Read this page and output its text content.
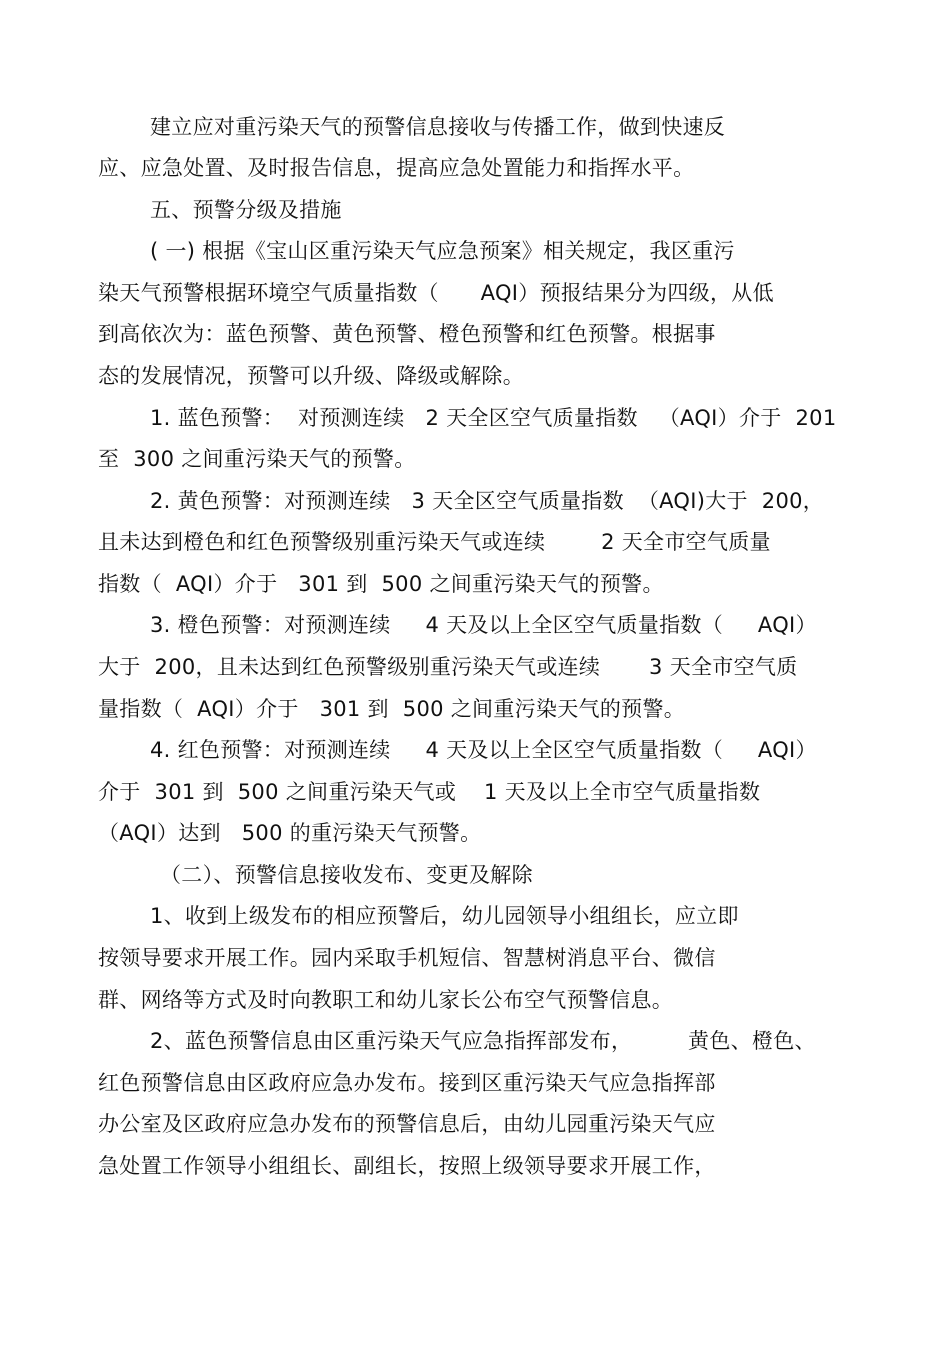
建立应对重污染天气的预警信息接收与传播工作，做到快速反
应、应急处置、及时报告信息，提高应急处置能力和指挥水平。
五、预警分级及措施
( 一) 根据《宝山区重污染天气应急预案》相关规定，我区重污
染天气预警根据环境空气质量指数（      AQI）预报结果分为四级，从低
到高依次为：蓝色预警、黄色预警、橙色预警和红色预警。根据事
态的发展情况，预警可以升级、降级或解除。
1. 蓝色预警：  对预测连续   2 天全区空气质量指数   （AQI）介于  201
至  300 之间重污染天气的预警。
2. 黄色预警：对预测连续   3 天全区空气质量指数  （AQI)大于  200，
且未达到橙色和红色预警级别重污染天气或连续        2 天全市空气质量
指数（  AQI）介于   301 到  500 之间重污染天气的预警。
3. 橙色预警：对预测连续     4 天及以上全区空气质量指数（     AQI）
大于  200，且未达到红色预警级别重污染天气或连续       3 天全市空气质
量指数（  AQI）介于   301 到  500 之间重污染天气的预警。
4. 红色预警：对预测连续     4 天及以上全区空气质量指数（     AQI）
介于  301 到  500 之间重污染天气或    1 天及以上全市空气质量指数
（AQI）达到   500 的重污染天气预警。
（二）、预警信息接收发布、变更及解除
1、收到上级发布的相应预警后，幼儿园领导小组组长，应立即
按领导要求开展工作。园内采取手机短信、智慧树消息平台、微信
群、网络等方式及时向教职工和幼儿家长公布空气预警信息。
2、蓝色预警信息由区重污染天气应急指挥部发布，        黄色、橙色、
红色预警信息由区政府应急办发布。接到区重污染天气应急指挥部
办公室及区政府应急办发布的预警信息后，由幼儿园重污染天气应
急处置工作领导小组组长、副组长，按照上级领导要求开展工作，
